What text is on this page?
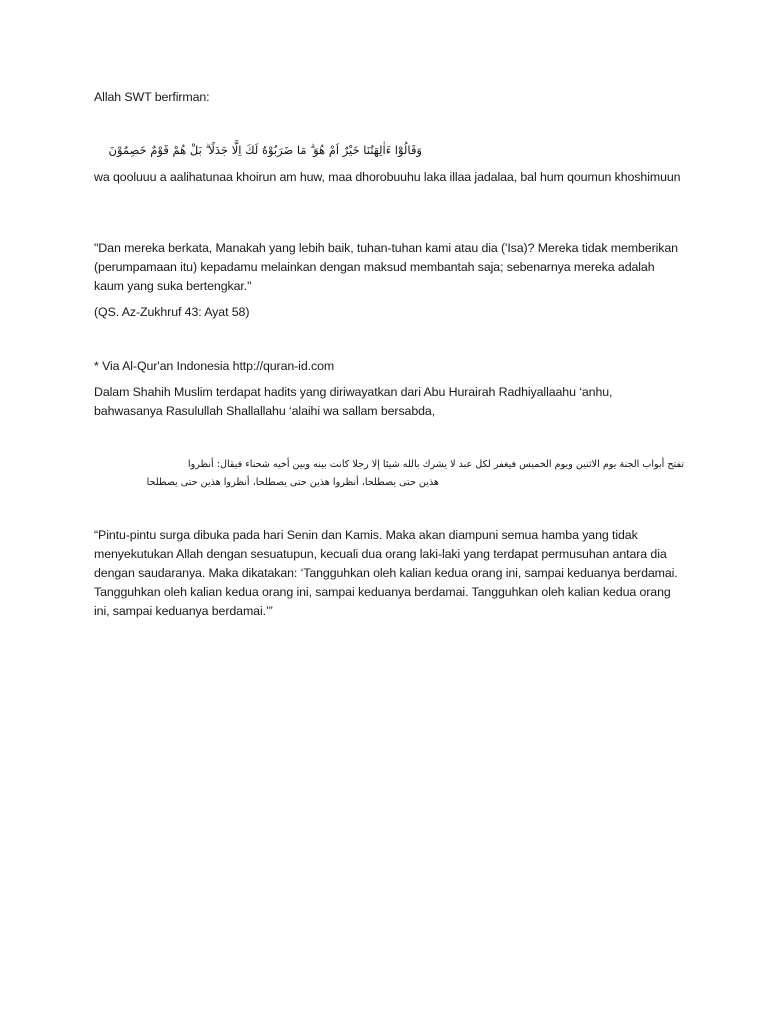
Allah SWT berfirman:
وَقَالُوْٓا ءَاٰلِهَتُنَا خَيْرٌ اَمْ هُوَ ۗ مَا ضَرَبُوْهُ لَكَ اِلَّا جَدَلًا ۗ بَلْ هُمْ قَوْمٌ خَصِمُوْنَ
wa qooluuu a aalihatunaa khoirun am huw, maa dhorobuuhu laka illaa jadalaa, bal hum qoumun khoshimuun
"Dan mereka berkata, Manakah yang lebih baik, tuhan-tuhan kami atau dia ('Isa)? Mereka tidak memberikan (perumpamaan itu) kepadamu melainkan dengan maksud membantah saja; sebenarnya mereka adalah kaum yang suka bertengkar."
(QS. Az-Zukhruf 43: Ayat 58)
* Via Al-Qur'an Indonesia http://quran-id.com
Dalam Shahih Muslim terdapat hadits yang diriwayatkan dari Abu Hurairah Radhiyallaahu ‘anhu, bahwasanya Rasulullah Shallallahu ‘alaihi wa sallam bersabda,
تفتح أبواب الجنة يوم الاثنين ويوم الخميس فيغفر لكل عبد لا يشرك بالله شيئا إلا رجلا كانت بينه وبين أخيه شحناء فيقال: أنظروا
هذين حتى يصطلحا، أنظروا هذين حتى يصطلحا، أنظروا هذين حتى يصطلحا
“Pintu-pintu surga dibuka pada hari Senin dan Kamis. Maka akan diampuni semua hamba yang tidak menyekutukan Allah dengan sesuatupun, kecuali dua orang laki-laki yang terdapat permusuhan antara dia dengan saudaranya. Maka dikatakan: ‘Tangguhkan oleh kalian kedua orang ini, sampai keduanya berdamai. Tangguhkan oleh kalian kedua orang ini, sampai keduanya berdamai. Tangguhkan oleh kalian kedua orang ini, sampai keduanya berdamai.’”
